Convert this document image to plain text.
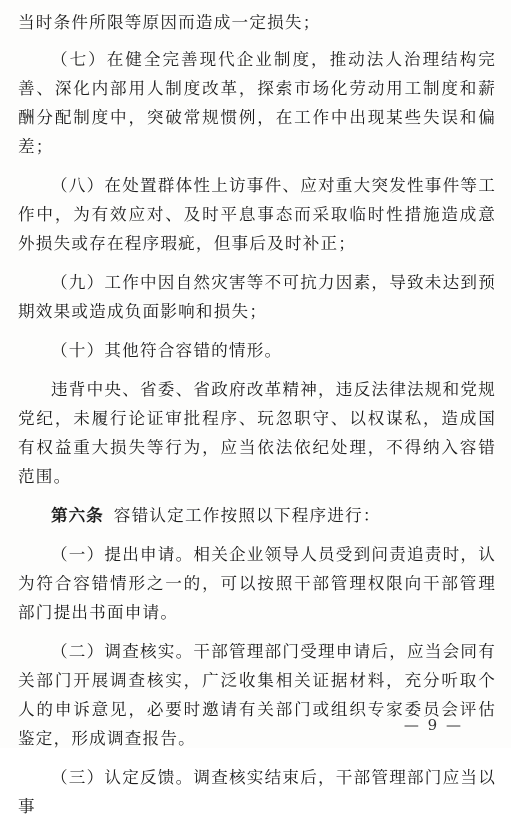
当时条件所限等原因而造成一定损失；

（七）在健全完善现代企业制度，推动法人治理结构完善、深化内部用人制度改革，探索市场化劳动用工制度和薪酬分配制度中，突破常规惯例，在工作中出现某些失误和偏差；

（八）在处置群体性上访事件、应对重大突发性事件等工作中，为有效应对、及时平息事态而采取临时性措施造成意外损失或存在程序瑕疵，但事后及时补正；

（九）工作中因自然灾害等不可抗力因素，导致未达到预期效果或造成负面影响和损失；

（十）其他符合容错的情形。

违背中央、省委、省政府改革精神，违反法律法规和党规党纪，未履行论证审批程序、玩忽职守、以权谋私，造成国有权益重大损失等行为，应当依法依纪处理，不得纳入容错范围。

第六条 容错认定工作按照以下程序进行：

（一）提出申请。相关企业领导人员受到问责追责时，认为符合容错情形之一的，可以按照干部管理权限向干部管理部门提出书面申请。

（二）调查核实。干部管理部门受理申请后，应当会同有关部门开展调查核实，广泛收集相关证据材料，充分听取个人的申诉意见，必要时邀请有关部门或组织专家委员会评估鉴定，形成调查报告。

（三）认定反馈。调查核实结束后，干部管理部门应当以事

— 9 —
